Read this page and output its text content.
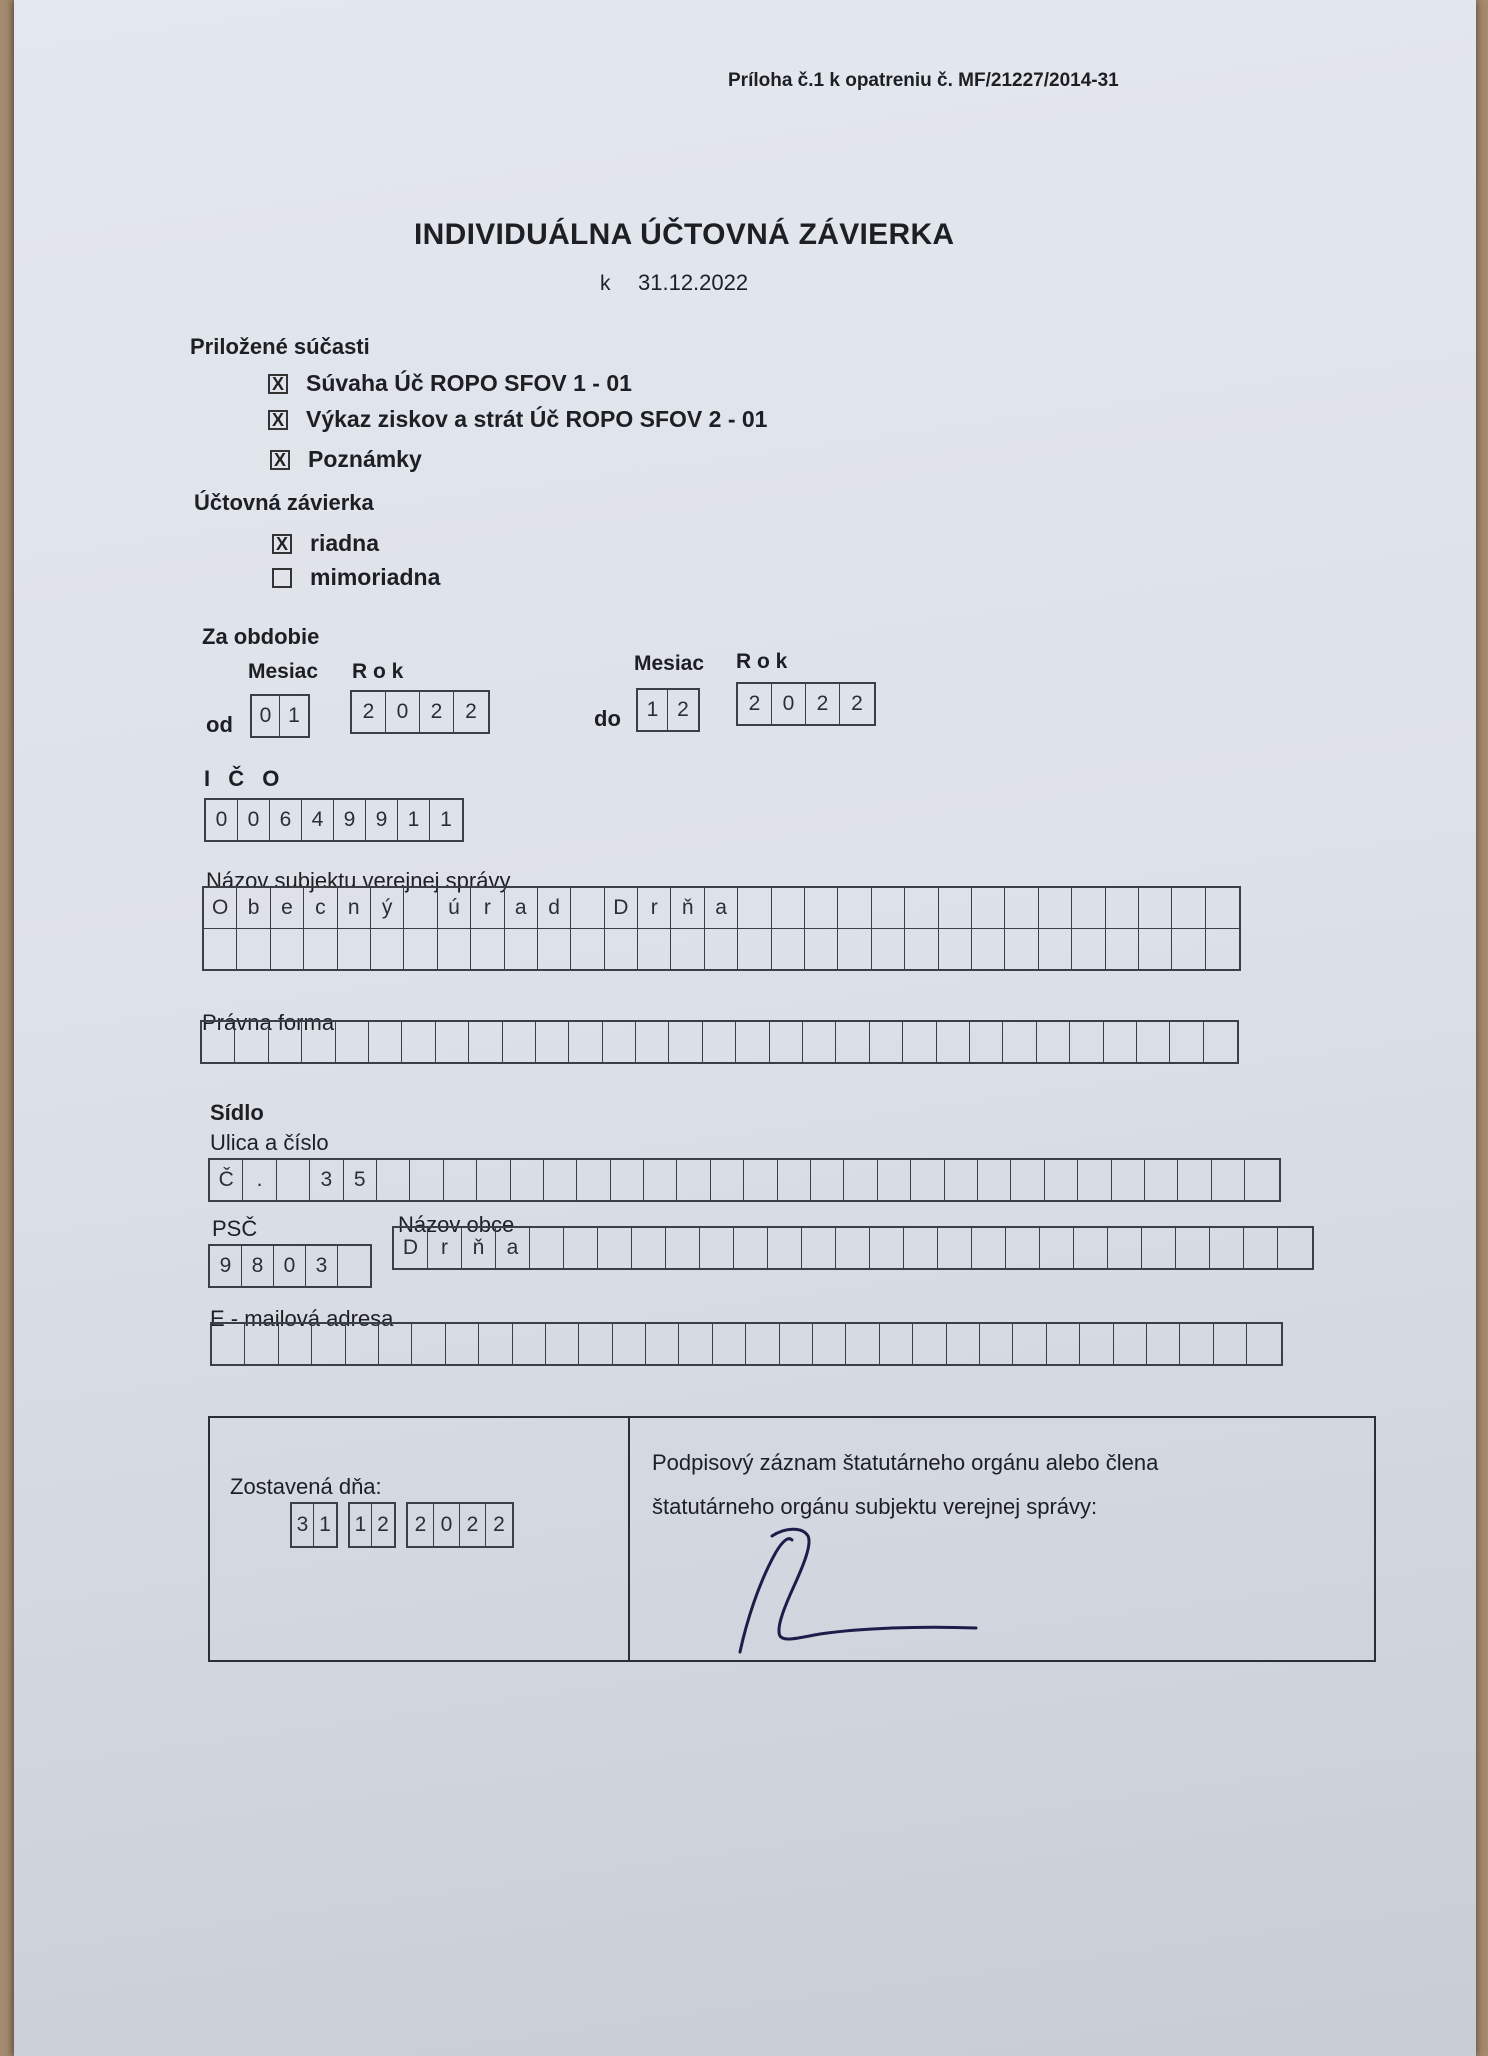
Príloha č.1 k opatreniu č. MF/21227/2014-31
INDIVIDUÁLNA ÚČTOVNÁ ZÁVIERKA
k 31.12.2022
Priložené súčasti
X Súvaha Úč ROPO SFOV 1 - 01
X Výkaz ziskov a strát Úč ROPO SFOV 2 - 01
X Poznámky
Účtovná závierka
X riadna
mimoriadna
Za obdobie
Mesiac R o k
od	0 1	2	0	2	2
Mesiac R o k
do	1 2	2	0	2	2
I Č O
0 0 6 4 9 9 1 1
Názov subjektu verejnej správy
O b	e	c	n	ý	ú	r	a	d	D	r	ň	a
Právna forma
Sídlo
Ulica a číslo
Č	.	3	5
PSČ	Názov obce
9 8 0 3
D	r	ň	a
E - mailová adresa
Zostavená dňa:
3 1 1 2	2 0 2 2
Podpisový záznam štatutárneho orgánu alebo člena
štatutárneho orgánu subjektu verejnej správy:
